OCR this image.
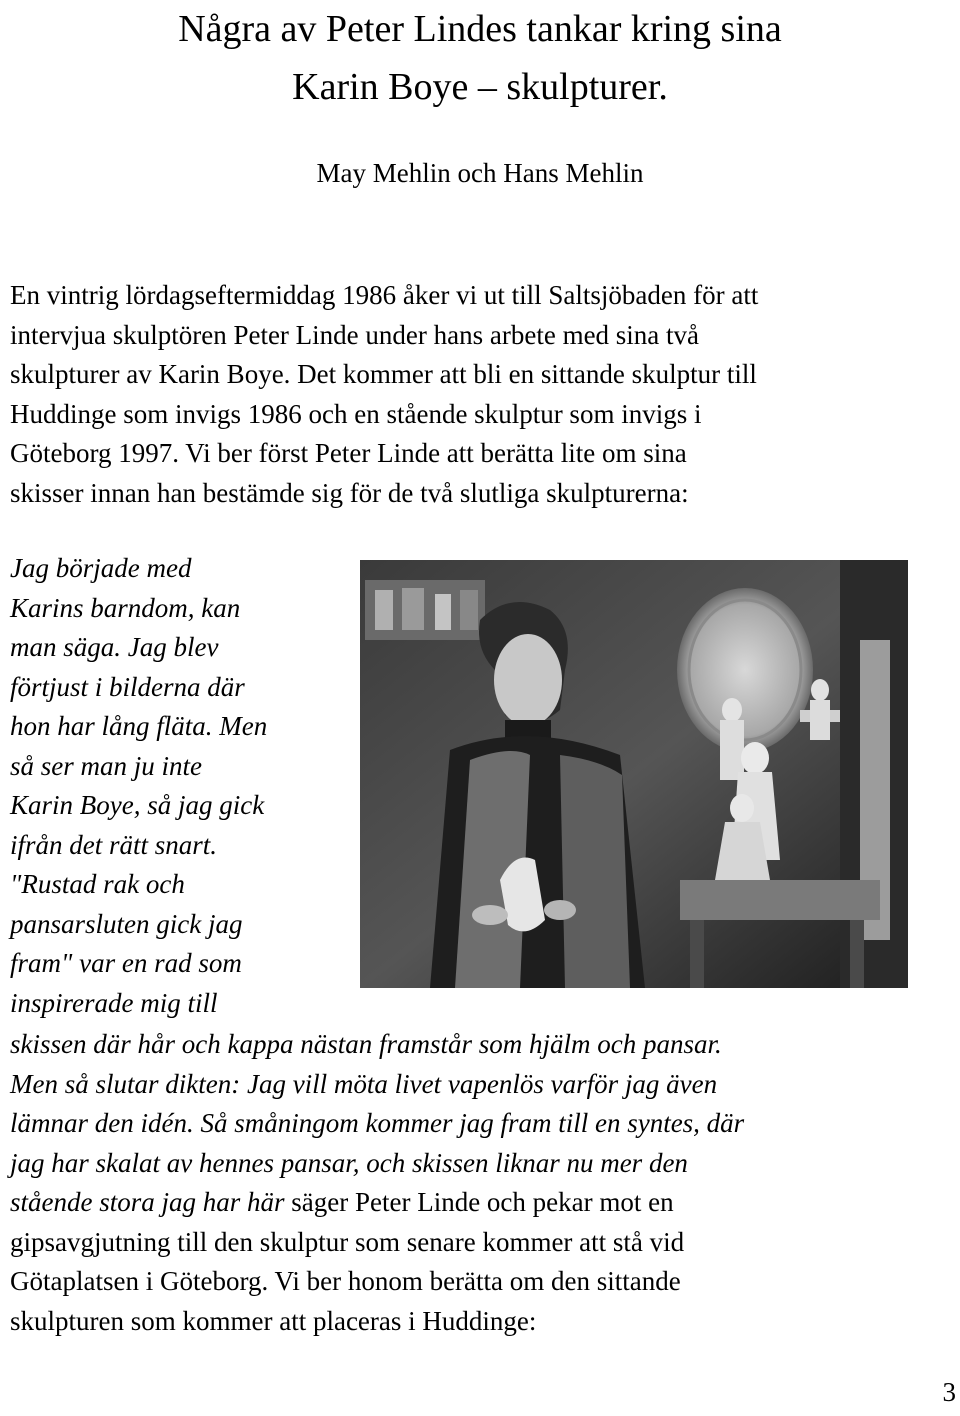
Några av Peter Lindes tankar kring sina
Karin Boye – skulpturer.
May Mehlin och Hans Mehlin
En vintrig lördagseftermiddag 1986 åker vi ut till Saltsjöbaden för att
intervjua skulptören Peter Linde under hans arbete med sina två
skulpturer av Karin Boye. Det kommer att bli en sittande skulptur till
Huddinge som invigs 1986 och en stående skulptur som invigs i
Göteborg 1997. Vi ber först Peter Linde att berätta lite om sina
skisser innan han bestämde sig för de två slutliga skulpturerna:
Jag började med
Karins barndom, kan
man säga. Jag blev
förtjust i bilderna där
hon har lång fläta. Men
så ser man ju inte
Karin Boye, så jag gick
ifrån det rätt snart.
"Rustad rak och
pansarsluten gick jag
fram" var en rad som
inspirerade mig till
skissen där hår och kappa nästan framstår som hjälm och pansar.
Men så slutar dikten: Jag vill möta livet vapenlös varför jag även
lämnar den idén. Så småningom kommer jag fram till en syntes, där
jag har skalat av hennes pansar, och skissen liknar nu mer den
stående stora jag har här säger Peter Linde och pekar mot en
gipsavgjutning till den skulptur som senare kommer att stå vid
Götaplatsen i Göteborg. Vi ber honom berätta om den sittande
skulpturen som kommer att placeras i Huddinge:
3
